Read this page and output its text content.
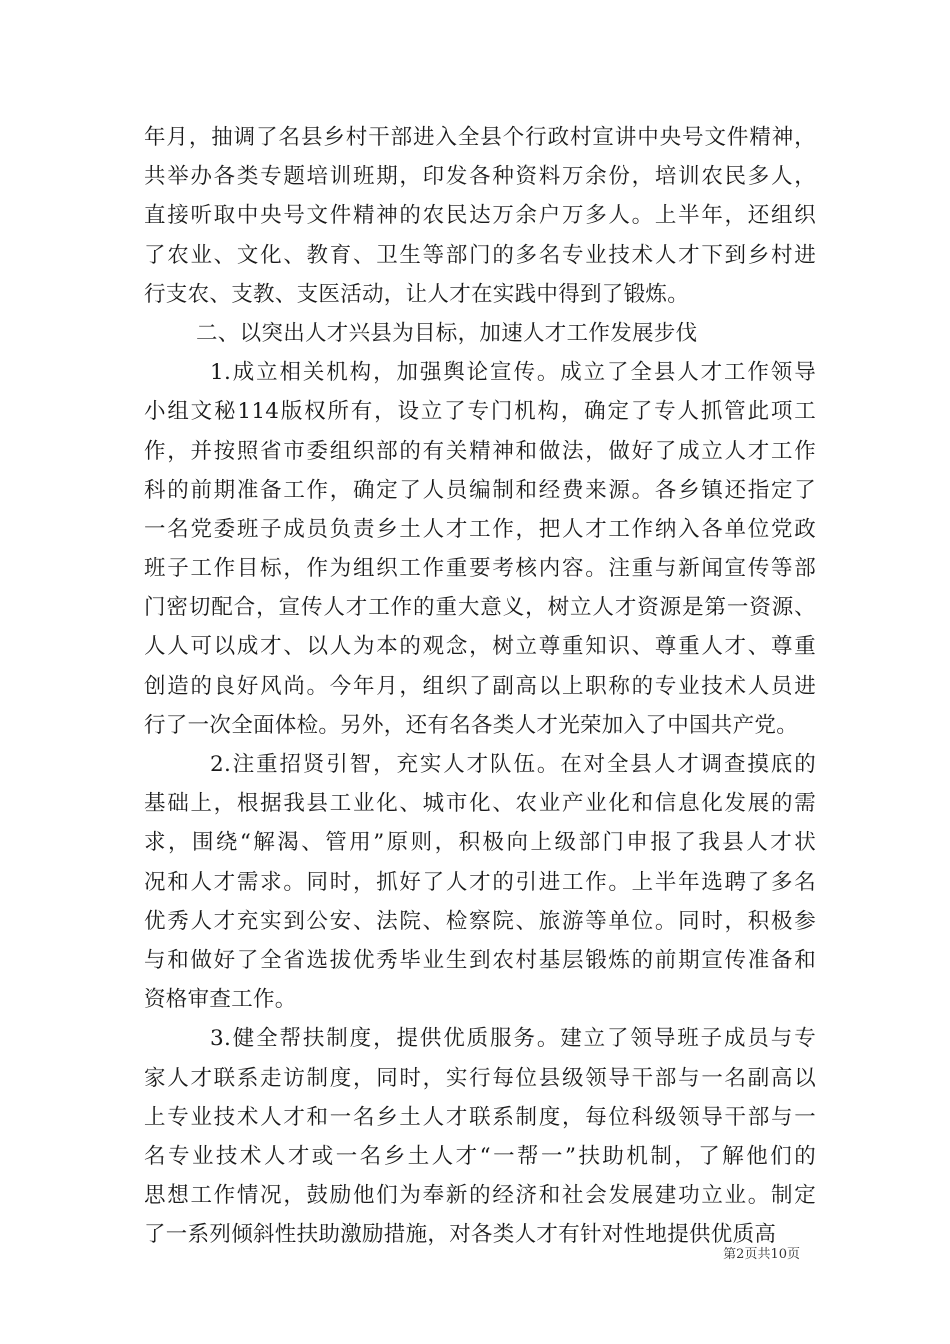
年月，抽调了名县乡村干部进入全县个行政村宣讲中央号文件精神，
共举办各类专题培训班期，印发各种资料万余份，培训农民多人，
直接听取中央号文件精神的农民达万余户万多人。上半年，还组织
了农业、文化、教育、卫生等部门的多名专业技术人才下到乡村进
行支农、支教、支医活动，让人才在实践中得到了锻炼。
二、以突出人才兴县为目标，加速人才工作发展步伐
1.成立相关机构，加强舆论宣传。成立了全县人才工作领导
小组文秘114版权所有，设立了专门机构，确定了专人抓管此项工
作，并按照省市委组织部的有关精神和做法，做好了成立人才工作
科的前期准备工作，确定了人员编制和经费来源。各乡镇还指定了
一名党委班子成员负责乡土人才工作，把人才工作纳入各单位党政
班子工作目标，作为组织工作重要考核内容。注重与新闻宣传等部
门密切配合，宣传人才工作的重大意义，树立人才资源是第一资源、
人人可以成才、以人为本的观念，树立尊重知识、尊重人才、尊重
创造的良好风尚。今年月，组织了副高以上职称的专业技术人员进
行了一次全面体检。另外，还有名各类人才光荣加入了中国共产党。
2.注重招贤引智，充实人才队伍。在对全县人才调查摸底的
基础上，根据我县工业化、城市化、农业产业化和信息化发展的需
求，围绕“解渴、管用”原则，积极向上级部门申报了我县人才状
况和人才需求。同时，抓好了人才的引进工作。上半年选聘了多名
优秀人才充实到公安、法院、检察院、旅游等单位。同时，积极参
与和做好了全省选拔优秀毕业生到农村基层锻炼的前期宣传准备和
资格审查工作。
3.健全帮扶制度，提供优质服务。建立了领导班子成员与专
家人才联系走访制度，同时，实行每位县级领导干部与一名副高以
上专业技术人才和一名乡土人才联系制度，每位科级领导干部与一
名专业技术人才或一名乡土人才“一帮一”扶助机制，了解他们的
思想工作情况，鼓励他们为奉新的经济和社会发展建功立业。制定
了一系列倾斜性扶助激励措施，对各类人才有针对性地提供优质高
第2页共10页
